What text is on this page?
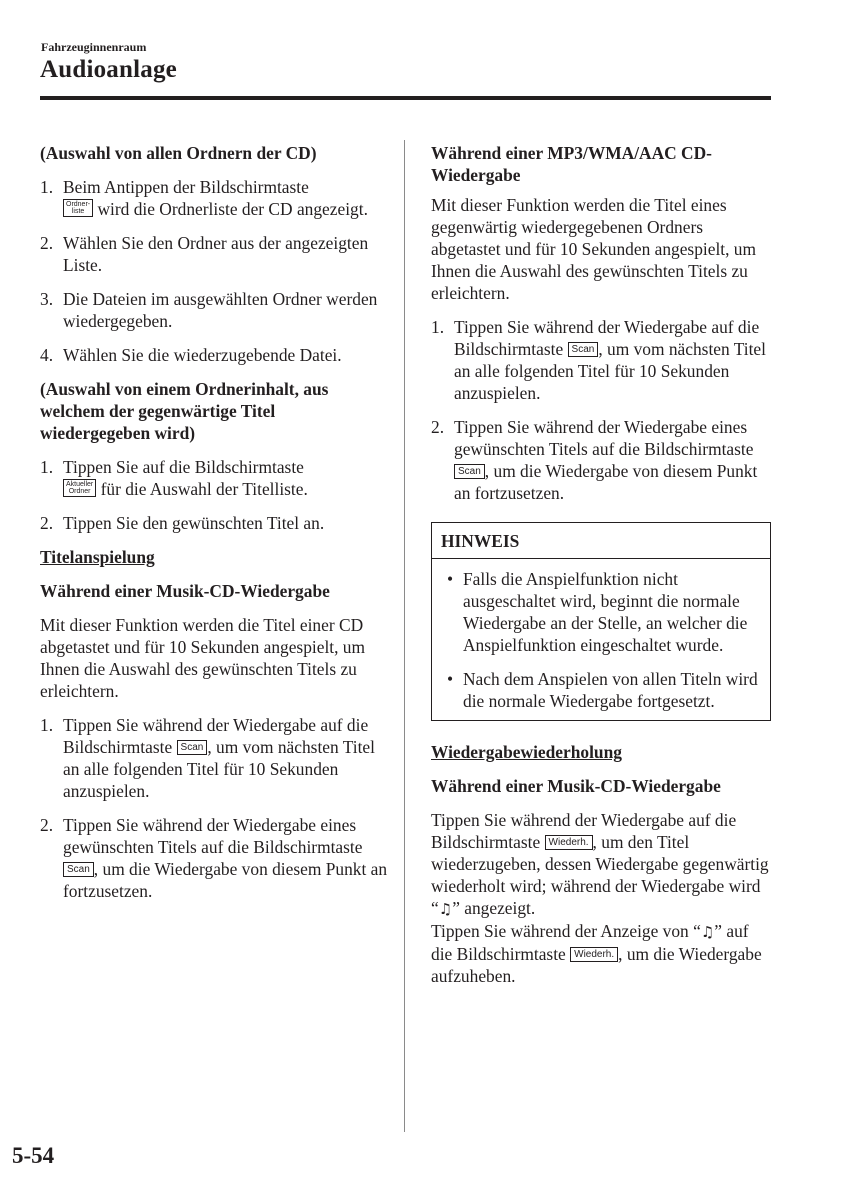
Fahrzeuginnenraum
Audioanlage

(Auswahl von allen Ordnern der CD)

1. Beim Antippen der Bildschirmtaste
Ordner-
liste wird die Ordnerliste der CD angezeigt.

2. Wählen Sie den Ordner aus der angezeigten Liste.

3. Die Dateien im ausgewählten Ordner werden wiedergegeben.

4. Wählen Sie die wiederzugebende Datei.

(Auswahl von einem Ordnerinhalt, aus welchem der gegenwärtige Titel wiedergegeben wird)

1. Tippen Sie auf die Bildschirmtaste
Aktueller
Ordner für die Auswahl der Titelliste.

2. Tippen Sie den gewünschten Titel an.

Titelanspielung

Während einer Musik-CD-Wiedergabe

Mit dieser Funktion werden die Titel einer CD abgetastet und für 10 Sekunden angespielt, um Ihnen die Auswahl des gewünschten Titels zu erleichtern.

1. Tippen Sie während der Wiedergabe auf die Bildschirmtaste Scan , um vom nächsten Titel an alle folgenden Titel für 10 Sekunden anzuspielen.

2. Tippen Sie während der Wiedergabe eines gewünschten Titels auf die Bildschirmtaste Scan , um die Wiedergabe von diesem Punkt an fortzusetzen.

Während einer MP3/WMA/AAC CD-Wiedergabe

Mit dieser Funktion werden die Titel eines gegenwärtig wiedergegebenen Ordners abgetastet und für 10 Sekunden angespielt, um Ihnen die Auswahl des gewünschten Titels zu erleichtern.

1. Tippen Sie während der Wiedergabe auf die Bildschirmtaste Scan , um vom nächsten Titel an alle folgenden Titel für 10 Sekunden anzuspielen.

2. Tippen Sie während der Wiedergabe eines gewünschten Titels auf die Bildschirmtaste Scan , um die Wiedergabe von diesem Punkt an fortzusetzen.

HINWEIS

• Falls die Anspielfunktion nicht ausgeschaltet wird, beginnt die normale Wiedergabe an der Stelle, an welcher die Anspielfunktion eingeschaltet wurde.

• Nach dem Anspielen von allen Titeln wird die normale Wiedergabe fortgesetzt.

Wiedergabewiederholung

Während einer Musik-CD-Wiedergabe

Tippen Sie während der Wiedergabe auf die Bildschirmtaste Wiederh. , um den Titel wiederzugeben, dessen Wiedergabe gegenwärtig wiederholt wird; während der Wiedergabe wird “♫” angezeigt.
Tippen Sie während der Anzeige von “♫” auf die Bildschirmtaste Wiederh. , um die Wiedergabe aufzuheben.

5-54
